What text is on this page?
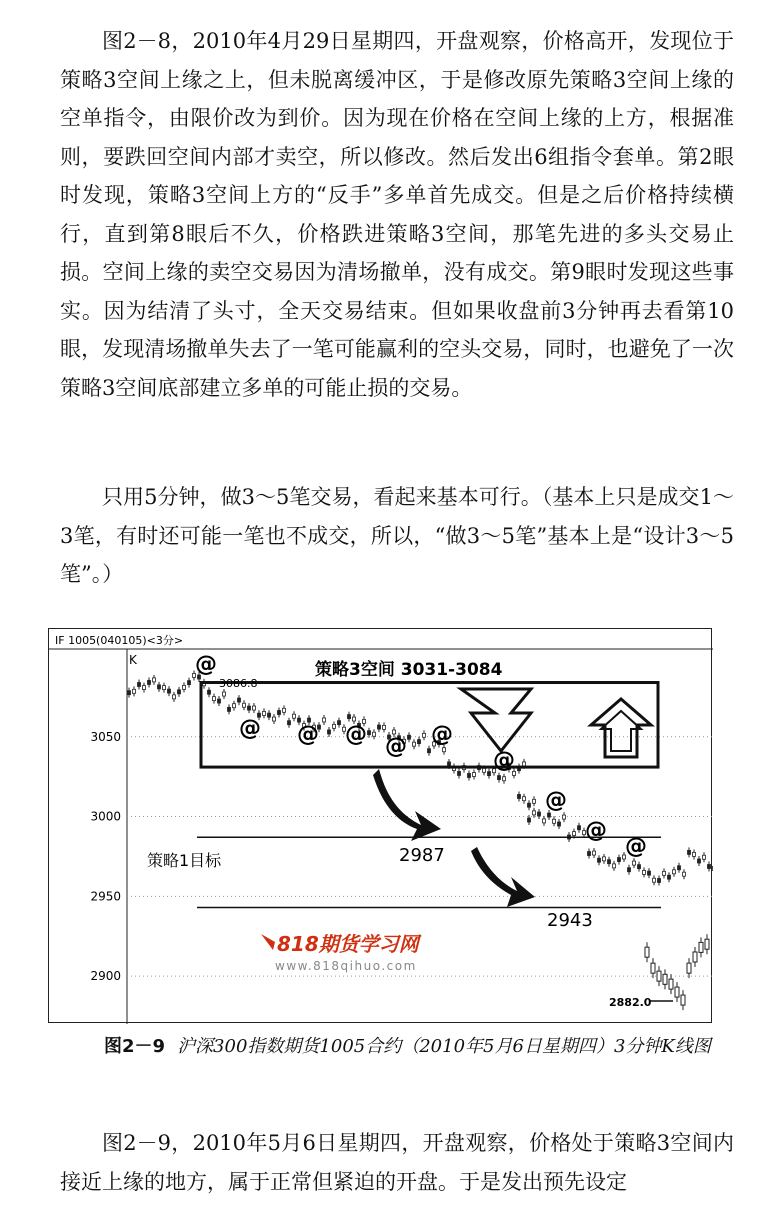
图2－8，2010年4月29日星期四，开盘观察，价格高开，发现位于策略3空间上缘之上，但未脱离缓冲区，于是修改原先策略3空间上缘的空单指令，由限价改为到价。因为现在价格在空间上缘的上方，根据准则，要跌回空间内部才卖空，所以修改。然后发出6组指令套单。第2眼时发现，策略3空间上方的“反手”多单首先成交。但是之后价格持续横行，直到第8眼后不久，价格跌进策略3空间，那笔先进的多头交易止损。空间上缘的卖空交易因为清场撤单，没有成交。第9眼时发现这些事实。因为结清了头寸，全天交易结束。但如果收盘前3分钟再去看第10眼，发现清场撤单失去了一笔可能赢利的空头交易，同时，也避免了一次策略3空间底部建立多单的可能止损的交易。

IF 1005(040105)<3分>
K
3050
3000
2950
2900
策略3空间 3031-3084
策略1目标	2987
2943
3086.8
2882.0
@
@ @ @ @ @
@
@
@
@
818期货学习网
www.818qihuo.com
图2－9 沪深300指数期货1005合约（2010年5月6日星期四）3分钟K线图

只用5分钟，做3～5笔交易，看起来基本可行。（基本上只是成交1～3笔，有时还可能一笔也不成交，所以，“做3～5笔”基本上是“设计3～5笔”。）

图2－9，2010年5月6日星期四，开盘观察，价格处于策略3空间内接近上缘的地方，属于正常但紧迫的开盘。于是发出预先设定
